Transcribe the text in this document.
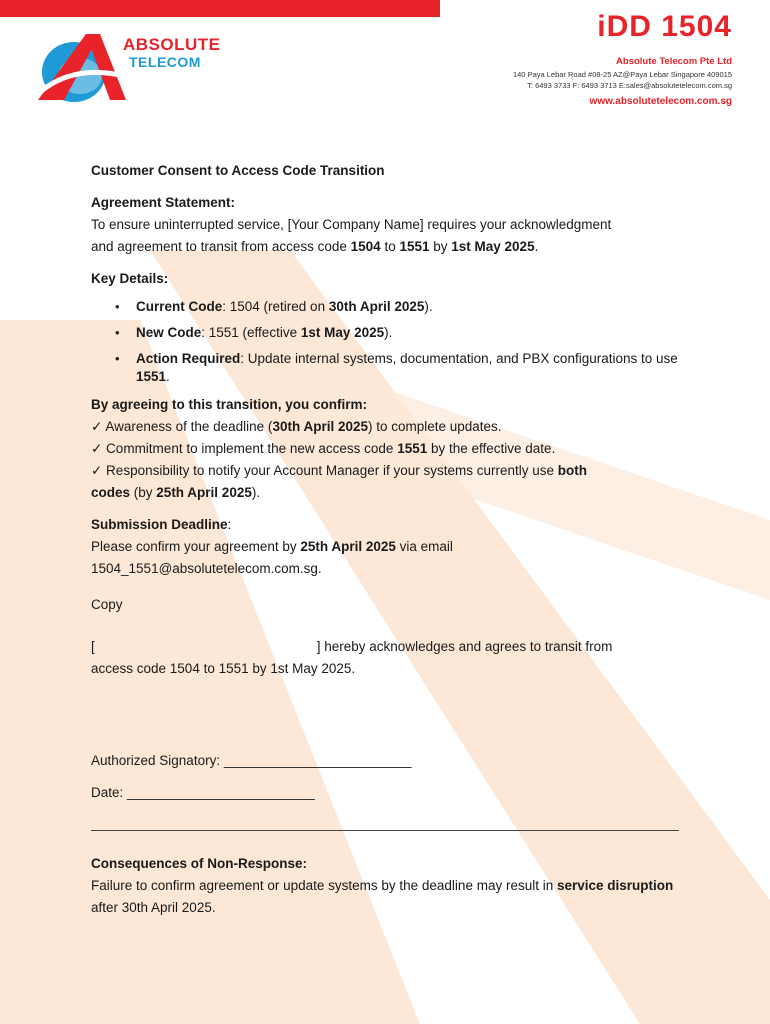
ABSOLUTE
TELECOM
iDD 1504
Absolute Telecom Pte Ltd
140 Paya Lebar Road #08-25 AZ@Paya Lebar Singapore 409015
T: 6493 3733 F: 6493 3713 E:sales@absolutetelecom.com.sg
www.absolutetelecom.com.sg

Customer Consent to Access Code Transition

Agreement Statement:

To ensure uninterrupted service, [Your Company Name] requires your acknowledgment
and agreement to transit from access code 1504 to 1551 by 1st May 2025.

Key Details:

• Current Code: 1504 (retired on 30th April 2025).
• New Code: 1551 (effective 1st May 2025).
• Action Required: Update internal systems, documentation, and PBX configurations to use 1551.

By agreeing to this transition, you confirm:

✓ Awareness of the deadline (30th April 2025) to complete updates.
✓ Commitment to implement the new access code 1551 by the effective date.
✓ Responsibility to notify your Account Manager if your systems currently use both
codes (by 25th April 2025).

Submission Deadline:

Please confirm your agreement by 25th April 2025 via email
1504_1551@absolutetelecom.com.sg.

Copy

[	] hereby acknowledges and agrees to transit from
access code 1504 to 1551 by 1st May 2025.

Authorized Signatory: _________________________

Date: _________________________

Consequences of Non-Response:

Failure to confirm agreement or update systems by the deadline may result in service disruption after 30th April 2025.
